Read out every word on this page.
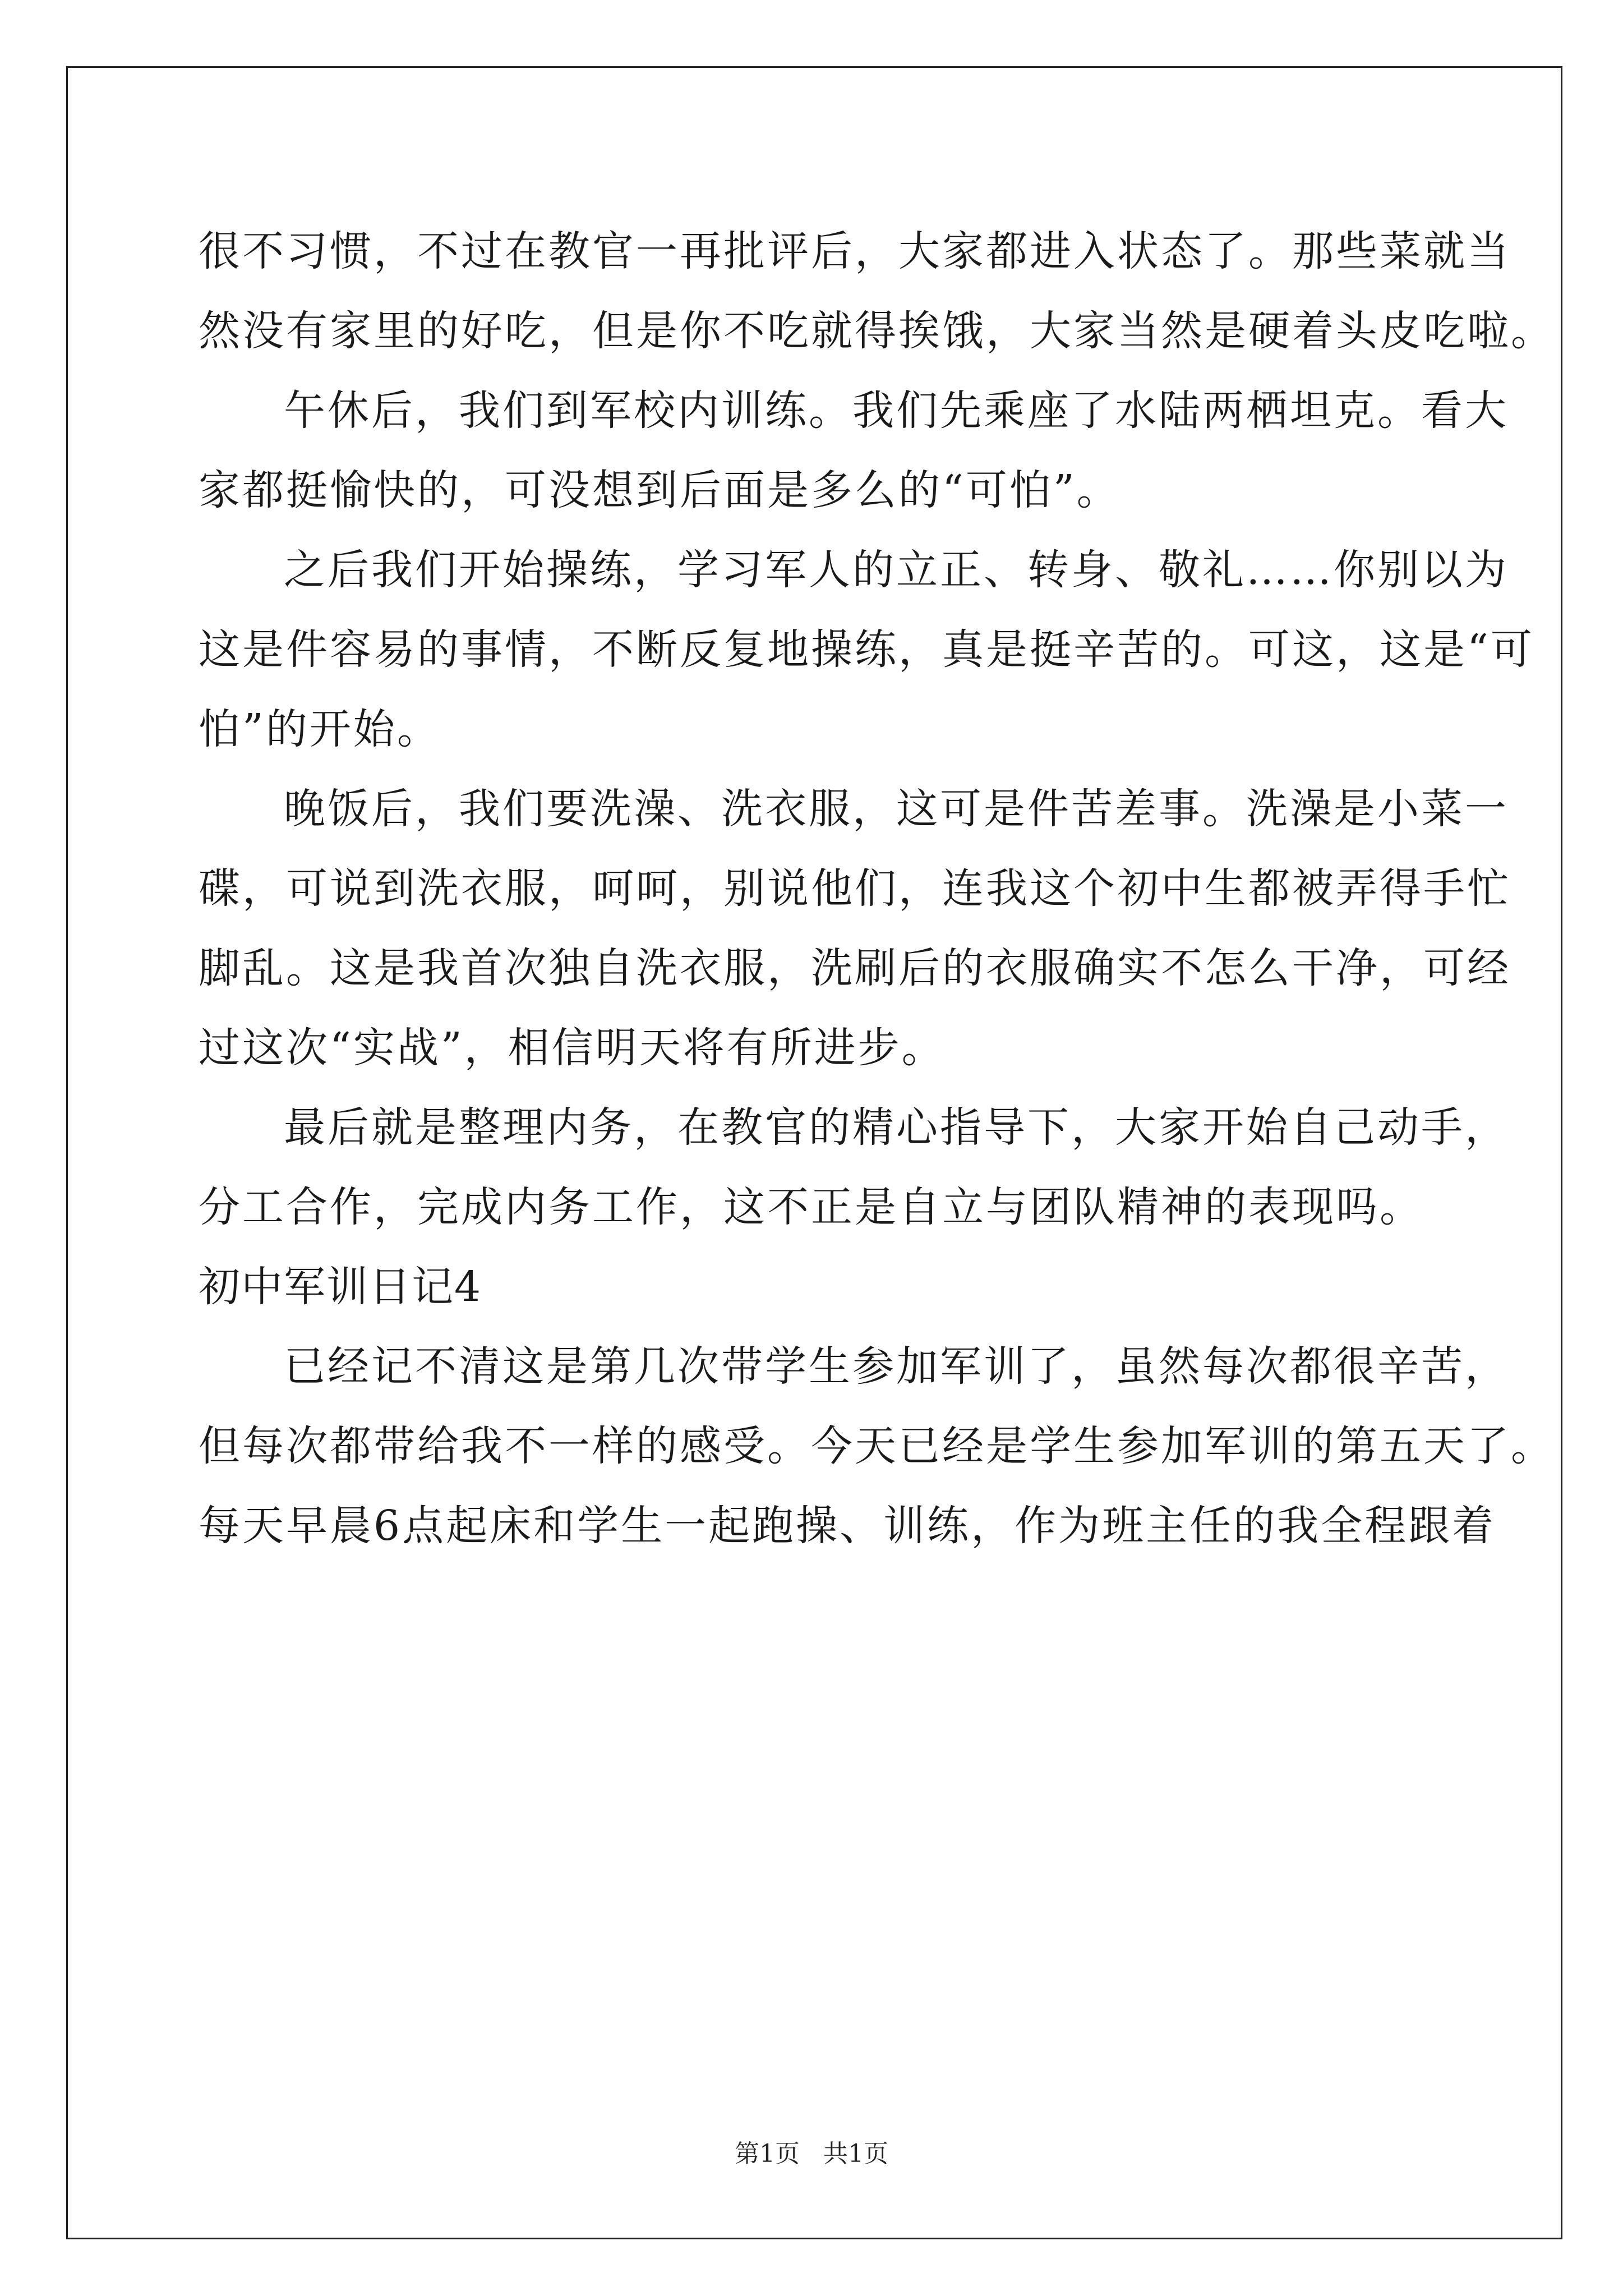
很不习惯，不过在教官一再批评后，大家都进入状态了。那些菜就当
然没有家里的好吃，但是你不吃就得挨饿，大家当然是硬着头皮吃啦。
午休后，我们到军校内训练。我们先乘座了水陆两栖坦克。看大
家都挺愉快的，可没想到后面是多么的“可怕”。
之后我们开始操练，学习军人的立正、转身、敬礼……你别以为
这是件容易的事情，不断反复地操练，真是挺辛苦的。可这，这是“可
怕”的开始。
晚饭后，我们要洗澡、洗衣服，这可是件苦差事。洗澡是小菜一
碟，可说到洗衣服，呵呵，别说他们，连我这个初中生都被弄得手忙
脚乱。这是我首次独自洗衣服，洗刷后的衣服确实不怎么干净，可经
过这次“实战”，相信明天将有所进步。
最后就是整理内务，在教官的精心指导下，大家开始自己动手，
分工合作，完成内务工作，这不正是自立与团队精神的表现吗。
初中军训日记4
已经记不清这是第几次带学生参加军训了，虽然每次都很辛苦，
但每次都带给我不一样的感受。今天已经是学生参加军训的第五天了。
每天早晨6点起床和学生一起跑操、训练，作为班主任的我全程跟着
第1页   共1页
